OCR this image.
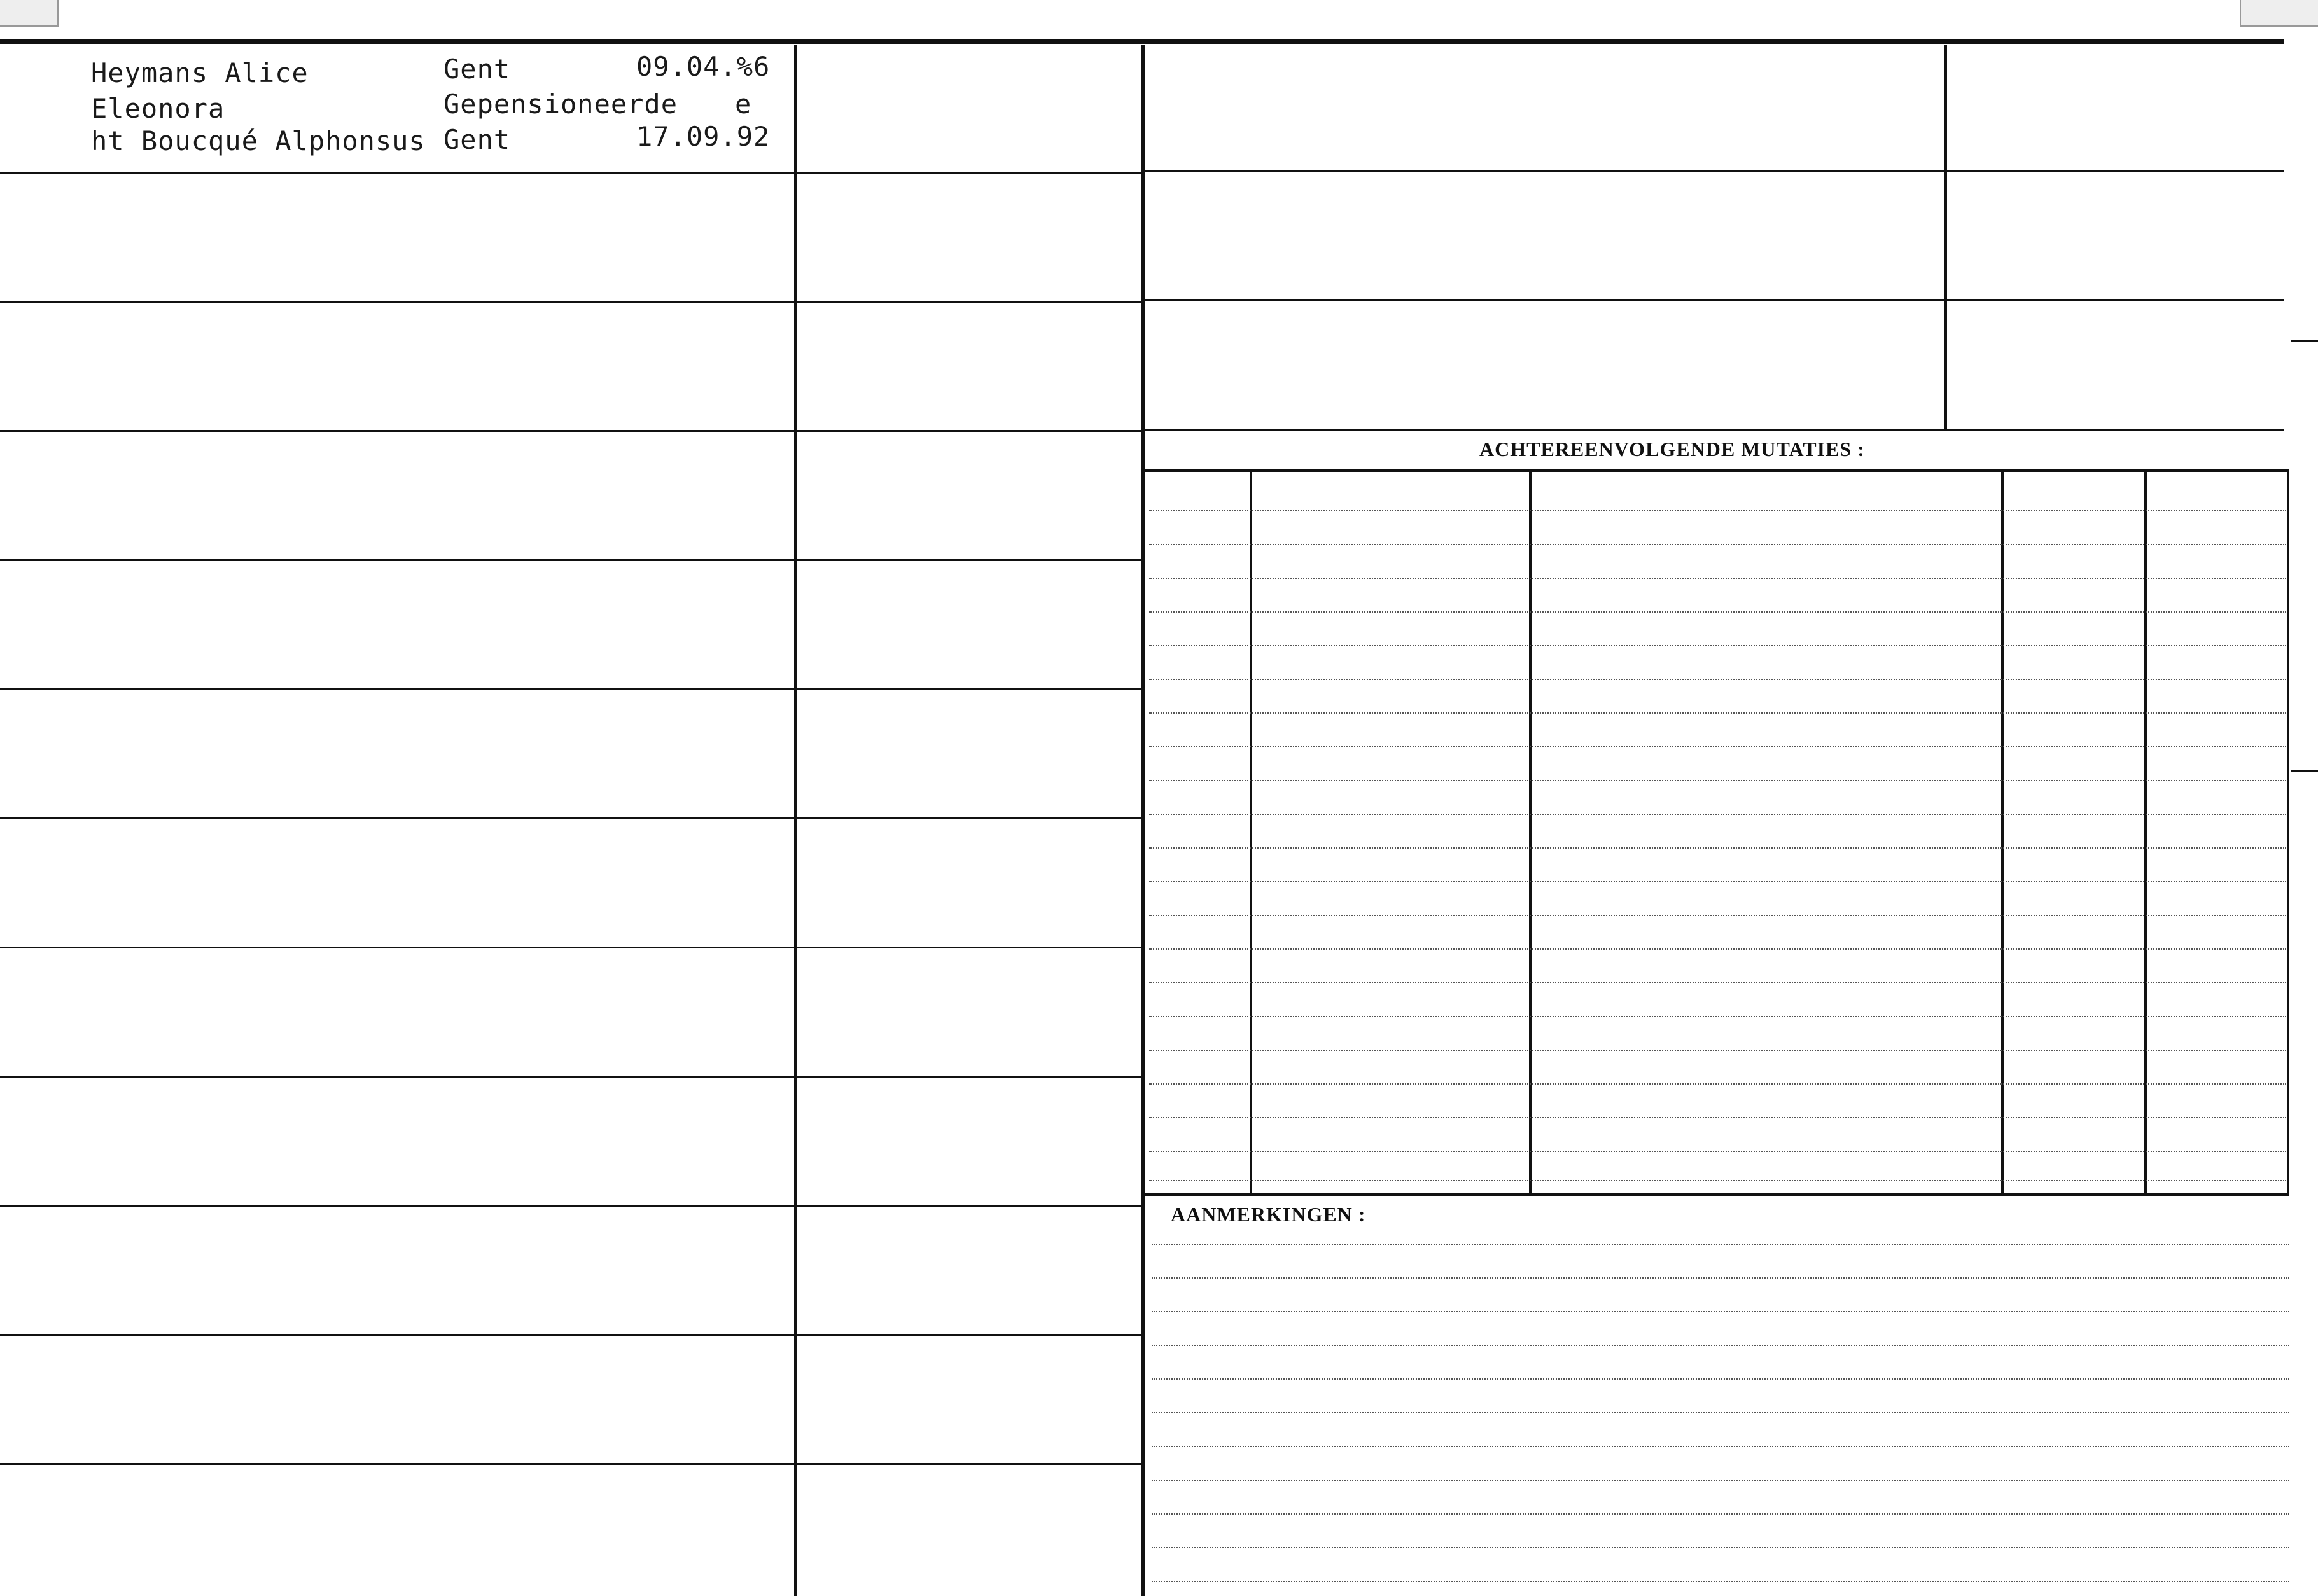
Heymans Alice
Eleonora
ht Boucqué Alphonsus
Gent	09.04.%6
Gepensioneerde e
Gent	17.09.92
ACHTEREENVOLGENDE MUTATIES :
AANMERKINGEN :
